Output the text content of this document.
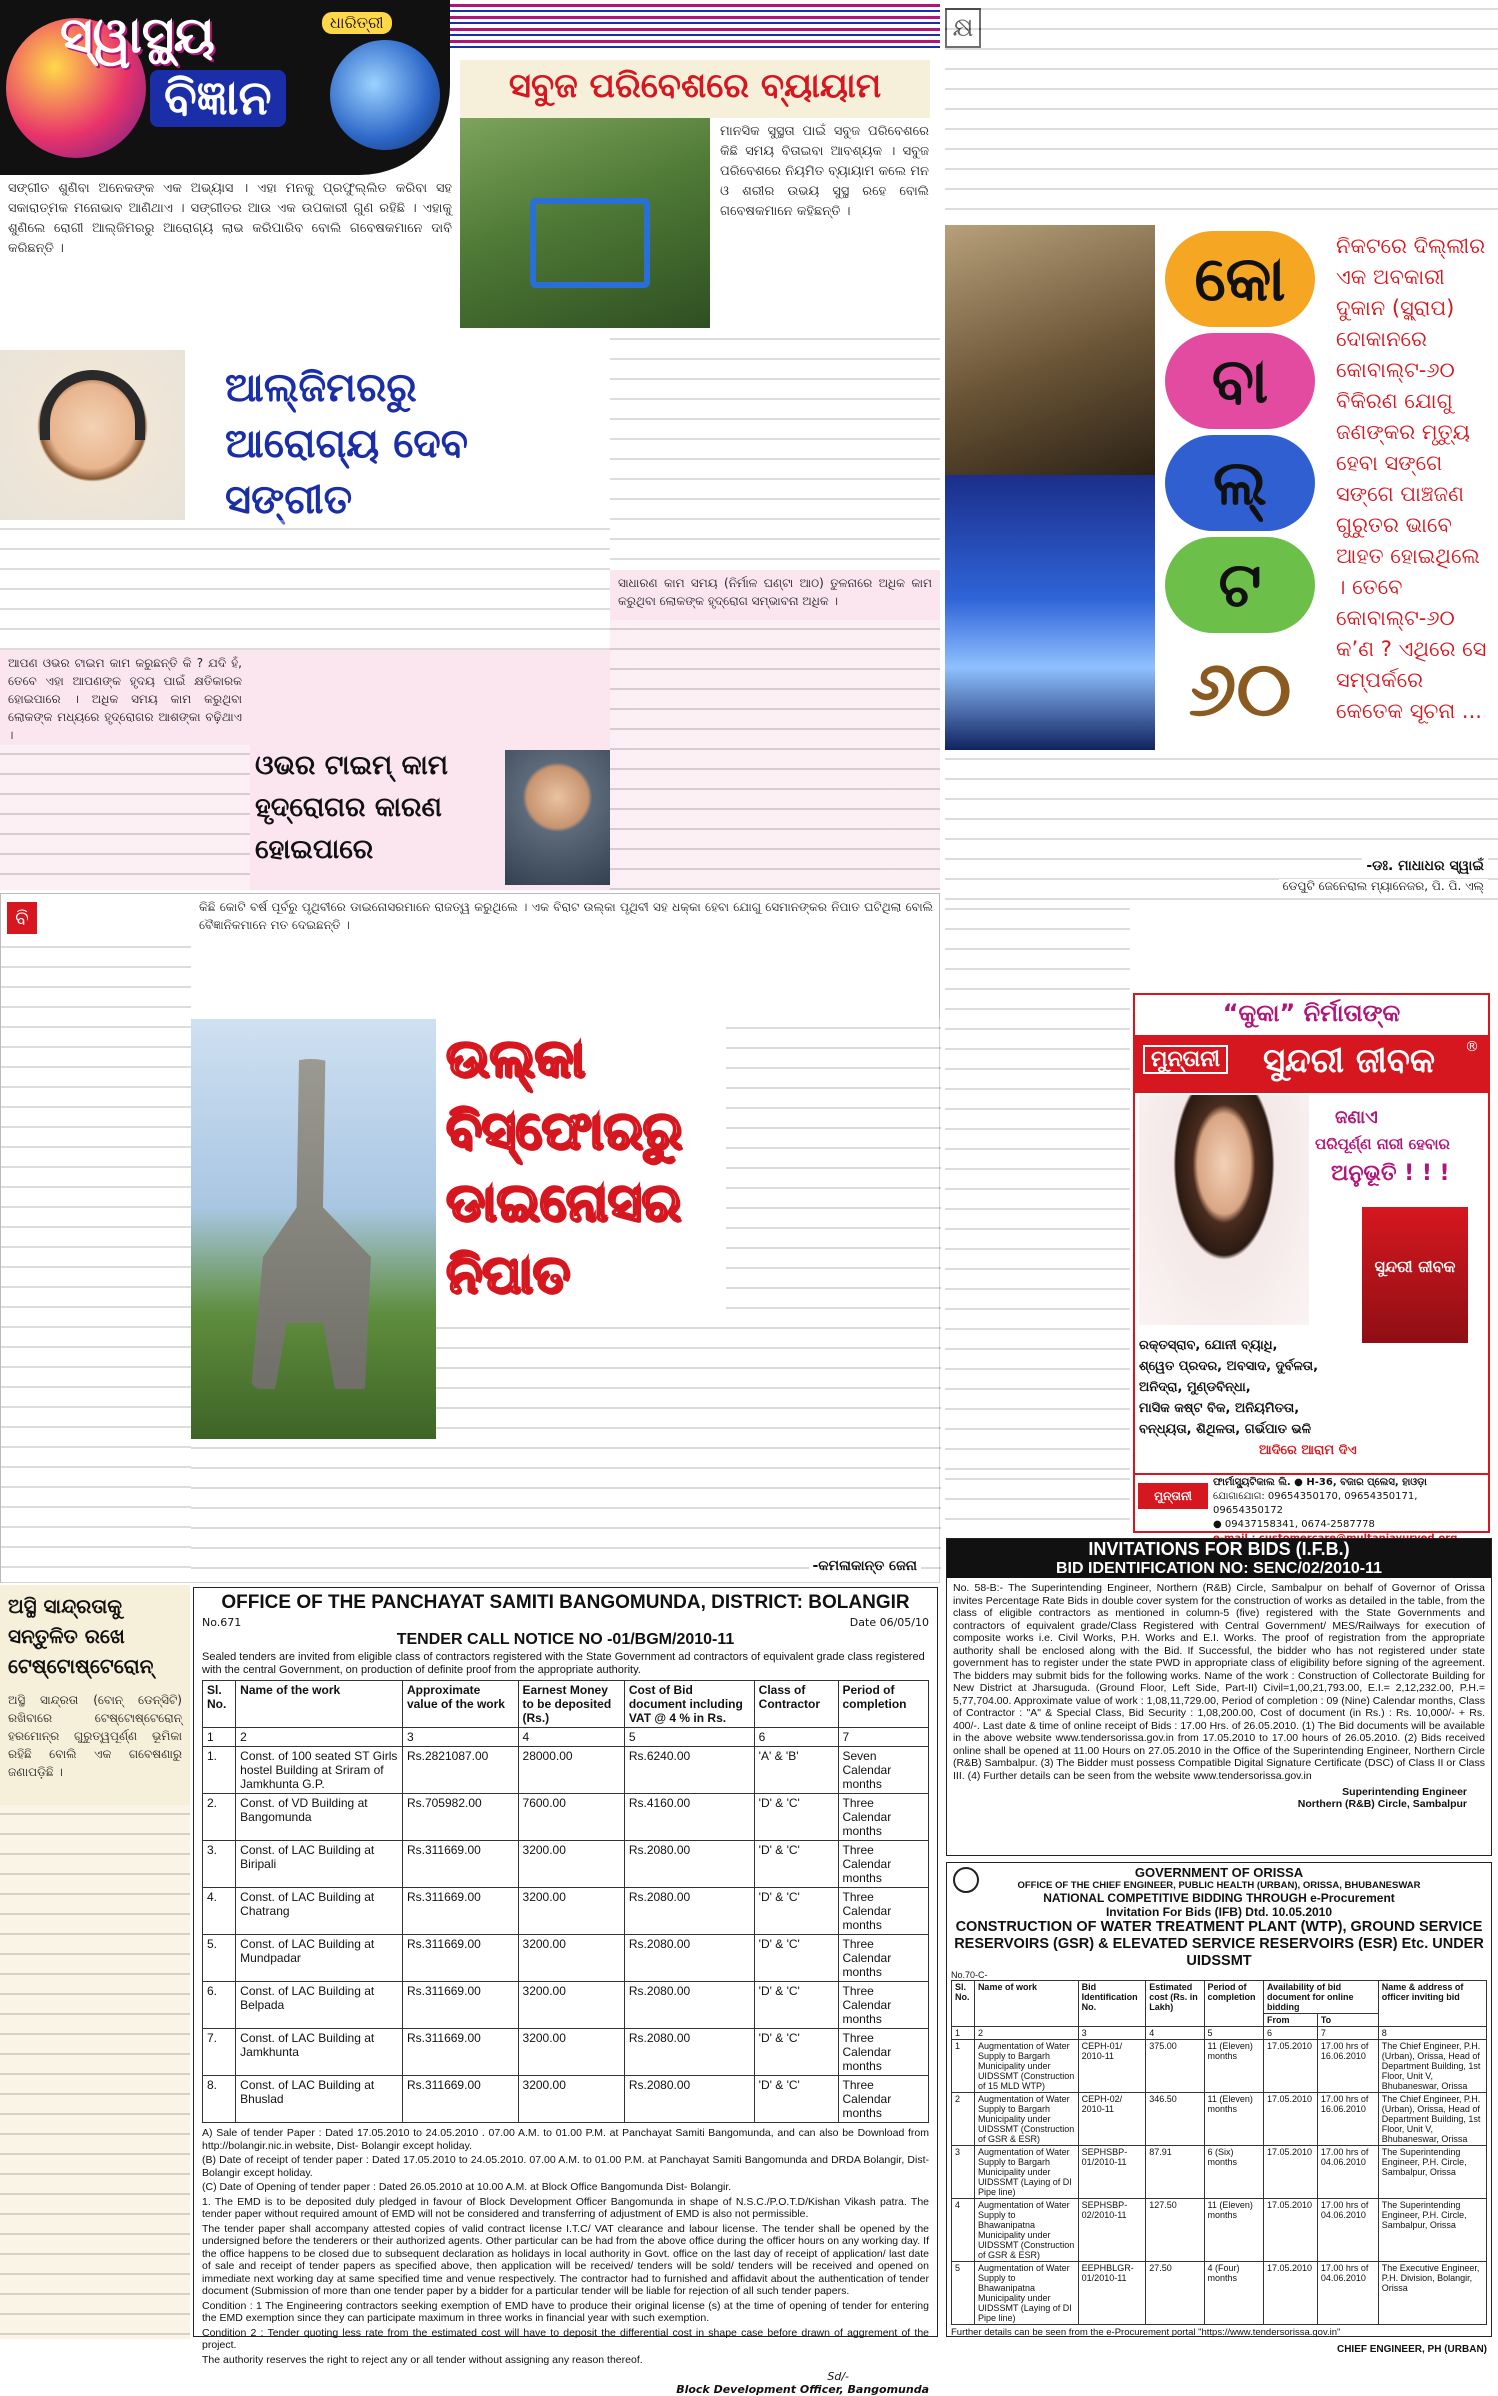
ସ୍ୱାସ୍ଥ୍ୟ	ଧାରିତ୍ରୀ
ବିଜ୍ଞାନ
ସଙ୍ଗୀତ ଶୁଣିବା ଅନେକଙ୍କ ଏକ ଅଭ୍ୟାସ । ଏହା ମନକୁ ପ୍ରଫୁଲ୍ଲିତ କରିବା ସହ ସକାରାତ୍ମକ ମନୋଭାବ ଆଣିଥାଏ । ସଙ୍ଗୀତର ଆଉ ଏକ ଉପକାରୀ ଗୁଣ ରହିଛି । ଏହାକୁ ଶୁଣିଲେ ରୋଗୀ ଆଲ୍ଜିମରରୁ ଆରୋଗ୍ୟ ଲାଭ କରିପାରିବ ବୋଲି ଗବେଷକମାନେ ଦାବି କରିଛନ୍ତି ।
ଆଲ୍ଜିମରରୁ ଆରୋଗ୍ୟ ଦେବ ସଙ୍ଗୀତ
ସବୁଜ ପରିବେଶରେ ବ୍ୟାୟାମ
ମାନସିକ ସୁସ୍ଥତା ପାଇଁ ସବୁଜ ପରିବେଶରେ କିଛି ସମୟ ବିତାଇବା ଆବଶ୍ୟକ । ସବୁଜ ପରିବେଶରେ ନିୟମିତ ବ୍ୟାୟାମ କଲେ ମନ ଓ ଶରୀର ଉଭୟ ସୁସ୍ଥ ରହେ ବୋଲି ଗବେଷକମାନେ କହିଛନ୍ତି ।
ଆପଣ ଓଭର ଟାଇମ କାମ କରୁଛନ୍ତି କି ? ଯଦି ହଁ, ତେବେ ଏହା ଆପଣଙ୍କ ହୃଦୟ ପାଇଁ କ୍ଷତିକାରକ ହୋଇପାରେ । ଅଧିକ ସମୟ କାମ କରୁଥିବା ଲୋକଙ୍କ ମଧ୍ୟରେ ହୃଦ୍‌ରୋଗର ଆଶଙ୍କା ବଢ଼ିଥାଏ ।
ଓଭର ଟାଇମ୍ କାମ ହୃଦ୍‌ରୋଗର କାରଣ ହୋଇପାରେ
ସାଧାରଣ କାମ ସମୟ (ନିର୍ମାଳ ଘଣ୍ଟା ଆଠ) ତୁଳନାରେ ଅଧିକ କାମ କରୁଥିବା ଲୋକଙ୍କ ହୃଦ୍‌ରୋଗ ସମ୍ଭାବନା ଅଧିକ ।
କ୍ଷ
କୋ
ବା
ଲ୍
ଟ
୬୦
ନିକଟରେ ଦିଲ୍ଲୀର ଏକ ଅବକାରୀ ଦୁକାନ (ସ୍କ୍ରାପ) ଦୋକାନରେ କୋବାଲ୍ଟ-୬୦ ବିକିରଣ ଯୋଗୁ ଜଣଙ୍କର ମୃତ୍ୟୁ ହେବା ସଙ୍ଗେ ସଙ୍ଗେ ପାଞ୍ଚଜଣ ଗୁରୁତର ଭାବେ ଆହତ ହୋଇଥିଲେ । ତେବେ କୋବାଲ୍ଟ-୬୦ କ’ଣ ? ଏଥିରେ ସେ ସମ୍ପର୍କରେ କେତେକ ସୂଚନା ...
-ଡଃ. ମାଧାଧର ସ୍ୱାଇଁ
ଡେପୁଟି ଜେନେରାଲ ମ୍ୟାନେଜର, ପି. ପି. ଏଲ୍
“କୁକା” ନିର୍ମାତାଙ୍କ
ମୁନ୍ତାନୀ ସୁନ୍ଦରୀ ଜୀବକ ®
ଜଣାଏ
ପରିପୂର୍ଣ୍ଣ ନାରୀ ହେବାର
ଅନୁଭୂତି ! ! !
ସୁନ୍ଦରୀ ଜୀବକ
ରକ୍ତସ୍ରାବ, ଯୋନୀ ବ୍ୟାଧି,
ଶ୍ୱେତ ପ୍ରଦର, ଅବସାଦ, ଦୁର୍ବଳତା,
ଅନିଦ୍ରା, ମୁଣ୍ଡବିନ୍ଧା,
ମାସିକ କଷ୍ଟ ବିକ, ଅନିୟମିତତା,
ବନ୍ଧ୍ୟତା, ଶିଥିଳତା, ଗର୍ଭପାତ ଭଳି
ଆଦିରେ ଆରାମ ଦିଏ
ମୁନ୍ତାନୀ
ଫାର୍ମାସ୍ୟୁଟିକାଲ ଲି. ● H-36, ବଜାର ପ୍ଲେସ, ହାଓଡ଼ା
ଯୋଗାଯୋଗ: 09654350170, 09654350171, 09654350172
● 09437158341, 0674-2587778
ବି	କିଛି କୋଟି ବର୍ଷ ପୂର୍ବରୁ ପୃଥିବୀରେ ଡାଇନୋସରମାନେ ରାଜତ୍ୱ କରୁଥିଲେ । ଏକ ବିରାଟ ଉଲ୍‌କା ପୃଥିବୀ ସହ ଧକ୍କା ହେବା ଯୋଗୁ ସେମାନଙ୍କର ନିପାତ ଘଟିଥିଲା ବୋଲି ବୈଜ୍ଞାନିକମାନେ ମତ ଦେଇଛନ୍ତି ।
ଉଲ୍‌କା ବିସ୍ଫୋରରୁ ଡାଇନୋସର ନିପାତ
-କମଳାକାନ୍ତ ଜେନା
ଅସ୍ଥି ସାନ୍ଦ୍ରତାକୁ ସନ୍ତୁଳିତ ରଖେ ଟେଷ୍ଟୋଷ୍ଟେରୋନ୍
ଅସ୍ଥି ସାନ୍ଦ୍ରତା (ବୋନ୍ ଡେନ୍‌ସିଟି) ରଖିବାରେ ଟେଷ୍ଟୋଷ୍ଟେରୋନ୍ ହରମୋନ୍‌ର ଗୁରୁତ୍ୱପୂର୍ଣ୍ଣ ଭୂମିକା ରହିଛି ବୋଲି ଏକ ଗବେଷଣାରୁ ଜଣାପଡ଼ିଛି ।
OFFICE OF THE PANCHAYAT SAMITI BANGOMUNDA, DISTRICT: BOLANGIR
No.671	Date 06/05/10
TENDER CALL NOTICE NO -01/BGM/2010-11
Sealed tenders are invited from eligible class of contractors registered with the State Government ad contractors of equivalent grade class registered with the central Government, on production of definite proof from the appropriate authority.
Sl. No.	Name of the work	Approximate value of the work	Earnest Money to be deposited (Rs.)	Cost of Bid document including VAT @ 4 % in Rs.	Class of Contractor	Period of completion
1	2	3	4	5	6	7
1.	Const. of 100 seated ST Girls hostel Building at Sriram of Jamkhunta G.P.	Rs.2821087.00	28000.00	Rs.6240.00	'A' & 'B'	Seven Calendar months
2.	Const. of VD Building at Bangomunda	Rs.705982.00	7600.00	Rs.4160.00	'D' & 'C'	Three Calendar months
3.	Const. of LAC Building at Biripali	Rs.311669.00	3200.00	Rs.2080.00	'D' & 'C'	Three Calendar months
4.	Const. of LAC Building at Chatrang	Rs.311669.00	3200.00	Rs.2080.00	'D' & 'C'	Three Calendar months
5.	Const. of LAC Building at Mundpadar	Rs.311669.00	3200.00	Rs.2080.00	'D' & 'C'	Three Calendar months
6.	Const. of LAC Building at Belpada	Rs.311669.00	3200.00	Rs.2080.00	'D' & 'C'	Three Calendar months
7.	Const. of LAC Building at Jamkhunta	Rs.311669.00	3200.00	Rs.2080.00	'D' & 'C'	Three Calendar months
8.	Const. of LAC Building at Bhuslad	Rs.311669.00	3200.00	Rs.2080.00	'D' & 'C'	Three Calendar months
A) Sale of tender Paper : Dated 17.05.2010 to 24.05.2010 . 07.00 A.M. to 01.00 P.M. at Panchayat Samiti Bangomunda, and can also be Download from http://bolangir.nic.in website, Dist- Bolangir except holiday.
(B) Date of receipt of tender paper : Dated 17.05.2010 to 24.05.2010. 07.00 A.M. to 01.00 P.M. at Panchayat Samiti Bangomunda and DRDA Bolangir, Dist- Bolangir except holiday.
(C) Date of Opening of tender paper : Dated 26.05.2010 at 10.00 A.M. at Block Office Bangomunda Dist- Bolangir.
1. The EMD is to be deposited duly pledged in favour of Block Development Officer Bangomunda in shape of N.S.C./P.O.T.D/Kishan Vikash patra. The tender paper without required amount of EMD will not be considered and transferring of adjustment of EMD is also not permissible.
The tender paper shall accompany attested copies of valid contract license I.T.C/ VAT clearance and labour license. The tender shall be opened by the undersigned before the tenderers or their authorized agents. Other particular can be had from the above office during the officer hours on any working day. If the office happens to be closed due to subsequent declaration as holidays in local authority in Govt. office on the last day of receipt of application/ last date of sale and receipt of tender papers as specified above, then application will be received/ tenders will be sold/ tenders will be received and opened on immediate next working day at same specified time and venue respectively. The contractor had to furnished and affidavit about the authentication of tender document (Submission of more than one tender paper by a bidder for a particular tender will be liable for rejection of all such tender papers.
Condition : 1 The Engineering contractors seeking exemption of EMD have to produce their original license (s) at the time of opening of tender for entering the EMD exemption since they can participate maximum in three works in financial year with such exemption.
Condition 2 : Tender quoting less rate from the estimated cost will have to deposit the differential cost in shape case before drawn of aggrement of the project.
The authority reserves the right to reject any or all tender without assigning any reason thereof.
Sd/-
Block Development Officer, Bangomunda
INVITATIONS FOR BIDS (I.F.B.)
BID IDENTIFICATION NO: SENC/02/2010-11
No. 58-B:- The Superintending Engineer, Northern (R&B) Circle, Sambalpur on behalf of Governor of Orissa invites Percentage Rate Bids in double cover system for the construction of works as detailed in the table, from the class of eligible contractors as mentioned in column-5 (five) registered with the State Governments and contractors of equivalent grade/Class Registered with Central Government/ MES/Railways for execution of composite works i.e. Civil Works, P.H. Works and E.I. Works. The proof of registration from the appropriate authority shall be enclosed along with the Bid. If Successful, the bidder who has not registered under state government has to register under the state PWD in appropriate class of eligibility before signing of the agreement. The bidders may submit bids for the following works. Name of the work : Construction of Collectorate Building for New District at Jharsuguda. (Ground Floor, Left Side, Part-II) Civil=1,00,21,793.00, E.I.= 2,12,232.00, P.H.= 5,77,704.00. Approximate value of work : 1,08,11,729.00, Period of completion : 09 (Nine) Calendar months, Class of Contractor : "A" & Special Class, Bid Security : 1,08,200.00, Cost of document (in Rs.) : Rs. 10,000/- + Rs. 400/-. Last date & time of online receipt of Bids : 17.00 Hrs. of 26.05.2010. (1) The Bid documents will be available in the above website www.tendersorissa.gov.in from 17.05.2010 to 17.00 hours of 26.05.2010. (2) Bids received online shall be opened at 11.00 Hours on 27.05.2010 in the Office of the Superintending Engineer, Northern Circle (R&B) Sambalpur. (3) The Bidder must possess Compatible Digital Signature Certificate (DSC) of Class II or Class III. (4) Further details can be seen from the website www.tendersorissa.gov.in
Superintending Engineer
Northern (R&B) Circle, Sambalpur
GOVERNMENT OF ORISSA
OFFICE OF THE CHIEF ENGINEER, PUBLIC HEALTH (URBAN), ORISSA, BHUBANESWAR
NATIONAL COMPETITIVE BIDDING THROUGH e-Procurement
Invitation For Bids (IFB) Dtd. 10.05.2010
CONSTRUCTION OF WATER TREATMENT PLANT (WTP), GROUND SERVICE RESERVOIRS (GSR) & ELEVATED SERVICE RESERVOIRS (ESR) Etc. UNDER UIDSSMT
No.70-C-
Sl. No.	Name of work	Bid Identification No.	Estimated cost (Rs. in Lakh)	Period of completion	Availability of bid document for online bidding		Name & address of officer inviting bid
					From	To	
1	2	3	4	5	6	7	8
1	Augmentation of Water Supply to Bargarh Municipality under UIDSSMT (Construction of 15 MLD WTP)	CEPH-01/ 2010-11	375.00	11 (Eleven) months	17.05.2010	17.00 hrs of 16.06.2010	The Chief Engineer, P.H. (Urban), Orissa, Head of Department Building, 1st Floor, Unit V, Bhubaneswar, Orissa
2	Augmentation of Water Supply to Bargarh Municipality under UIDSSMT (Construction of GSR & ESR)	CEPH-02/ 2010-11	346.50	11 (Eleven) months	17.05.2010	17.00 hrs of 16.06.2010	The Chief Engineer, P.H. (Urban), Orissa, Head of Department Building, 1st Floor, Unit V, Bhubaneswar, Orissa
3	Augmentation of Water Supply to Bargarh Municipality under UIDSSMT (Laying of DI Pipe line)	SEPHSBP- 01/2010-11	87.91	6 (Six) months	17.05.2010	17.00 hrs of 04.06.2010	The Superintending Engineer, P.H. Circle, Sambalpur, Orissa
4	Augmentation of Water Supply to Bhawanipatna Municipality under UIDSSMT (Construction of GSR & ESR)	SEPHSBP- 02/2010-11	127.50	11 (Eleven) months	17.05.2010	17.00 hrs of 04.06.2010	The Superintending Engineer, P.H. Circle, Sambalpur, Orissa
5	Augmentation of Water Supply to Bhawanipatna Municipality under UIDSSMT (Laying of DI Pipe line)	EEPHBLGR- 01/2010-11	27.50	4 (Four) months	17.05.2010	17.00 hrs of 04.06.2010	The Executive Engineer, P.H. Division, Bolangir, Orissa
Further details can be seen from the e-Procurement portal "https://www.tendersorissa.gov.in"
CHIEF ENGINEER, PH (URBAN)
